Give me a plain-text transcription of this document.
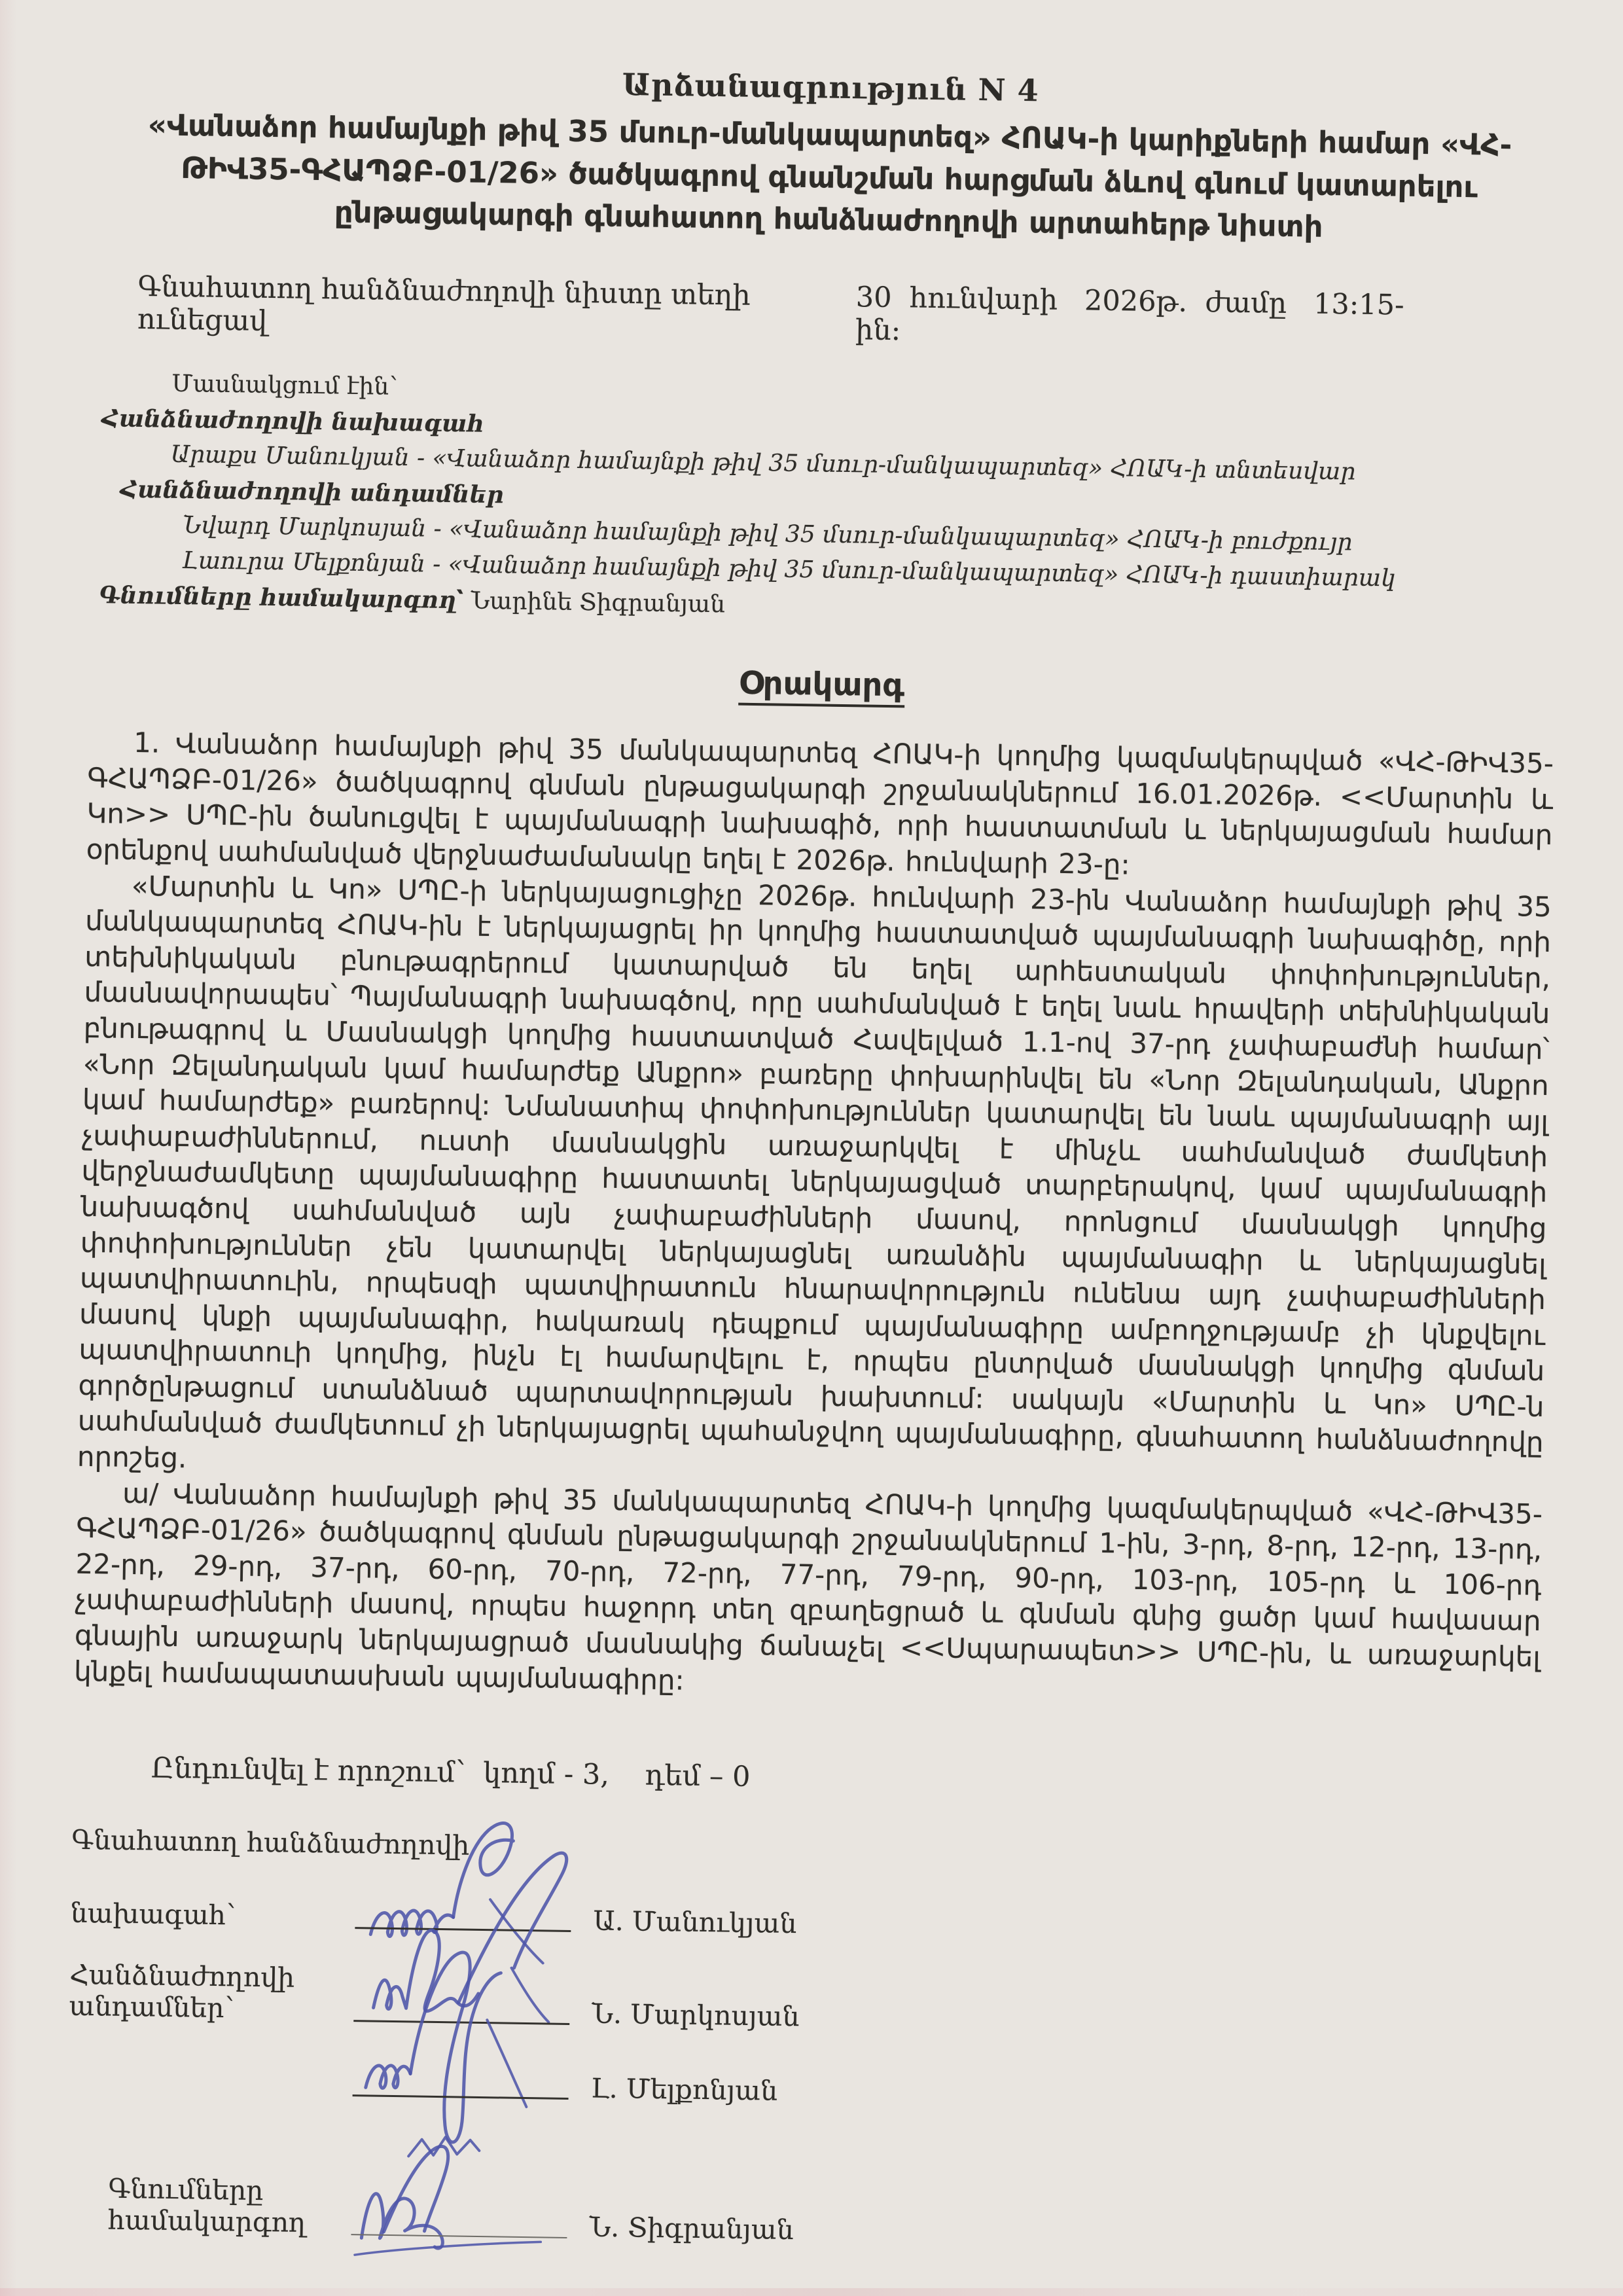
Արձանագրություն N 4
«Վանաձոր համայնքի թիվ 35 մսուր-մանկապարտեզ» ՀՈԱԿ-ի կարիքների համար «ՎՀ-
ԹԻՎ35-ԳՀԱՊՁԲ-01/26» ծածկագրով գնանշման հարցման ձևով գնում կատարելու
ընթացակարգի գնահատող հանձնաժողովի արտահերթ նիստի
Գնահատող հանձնաժողովի նիստը տեղի ունեցավ	30  հունվարի   2026թ.  ժամը   13:15-ին:
Մասնակցում էին՝
Հանձնաժողովի նախագահ
Արաքս Մանուկյան - «Վանաձոր համայնքի թիվ 35 մսուր-մանկապարտեզ» ՀՈԱԿ-ի տնտեսվար
Հանձնաժողովի անդամներ
Նվարդ Մարկոսյան - «Վանաձոր համայնքի թիվ 35 մսուր-մանկապարտեզ» ՀՈԱԿ-ի բուժքույր
Լաուրա Մելքոնյան - «Վանաձոր համայնքի թիվ 35 մսուր-մանկապարտեզ» ՀՈԱԿ-ի դաստիարակ
Գնումները համակարգող՝ Նարինե Տիգրանյան
Օրակարգ

1. Վանաձոր համայնքի թիվ 35 մանկապարտեզ ՀՈԱԿ-ի կողմից կազմակերպված «ՎՀ-ԹԻՎ35-ԳՀԱՊՁԲ-01/26» ծածկագրով գնման ընթացակարգի շրջանակներում 16.01.2026թ. <<Մարտին և Կո>> ՍՊԸ-ին ծանուցվել է պայմանագրի նախագիծ, որի հաստատման և ներկայացման համար օրենքով սահմանված վերջնաժամանակը եղել է 2026թ. հունվարի 23-ը:

«Մարտին և Կո» ՍՊԸ-ի ներկայացուցիչը 2026թ. հունվարի 23-ին Վանաձոր համայնքի թիվ 35 մանկապարտեզ ՀՈԱԿ-ին է ներկայացրել իր կողմից հաստատված պայմանագրի նախագիծը, որի տեխնիկական բնութագրերում կատարված են եղել արհեստական փոփոխություններ, մասնավորապես՝ Պայմանագրի նախագծով, որը սահմանված է եղել նաև հրավերի տեխնիկական բնութագրով և Մասնակցի կողմից հաստատված Հավելված 1.1-ով 37-րդ չափաբաժնի համար՝ «Նոր Զելանդական կամ համարժեք Անքրո» բառերը փոխարինվել են «Նոր Զելանդական, Անքրո կամ համարժեք» բառերով: Նմանատիպ փոփոխություններ կատարվել են նաև պայմանագրի այլ չափաբաժիններում, ուստի մասնակցին առաջարկվել է մինչև սահմանված ժամկետի վերջնաժամկետը պայմանագիրը հաստատել ներկայացված տարբերակով, կամ պայմանագրի նախագծով սահմանված այն չափաբաժինների մասով, որոնցում մասնակցի կողմից փոփոխություններ չեն կատարվել ներկայացնել առանձին պայմանագիր և ներկայացնել պատվիրատուին, որպեսզի պատվիրատուն հնարավորություն ունենա այդ չափաբաժինների մասով կնքի պայմանագիր, հակառակ դեպքում պայմանագիրը ամբողջությամբ չի կնքվելու պատվիրատուի կողմից, ինչն էլ համարվելու է, որպես ընտրված մասնակցի կողմից գնման գործընթացում ստանձնած պարտավորության խախտում: սակայն «Մարտին և Կո» ՍՊԸ-ն սահմանված ժամկետում չի ներկայացրել պահանջվող պայմանագիրը, գնահատող հանձնաժողովը որոշեց.

ա/ Վանաձոր համայնքի թիվ 35 մանկապարտեզ ՀՈԱԿ-ի կողմից կազմակերպված «ՎՀ-ԹԻՎ35-ԳՀԱՊՁԲ-01/26» ծածկագրով գնման ընթացակարգի շրջանակներում 1-ին, 3-րդ, 8-րդ, 12-րդ, 13-րդ, 22-րդ, 29-րդ, 37-րդ, 60-րդ, 70-րդ, 72-րդ, 77-րդ, 79-րդ, 90-րդ, 103-րդ, 105-րդ և 106-րդ չափաբաժինների մասով, որպես հաջորդ տեղ զբաղեցրած և գնման գնից ցածր կամ հավասար գնային առաջարկ ներկայացրած մասնակից ճանաչել <<Սպարապետ>> ՍՊԸ-ին, և առաջարկել կնքել համապատասխան պայմանագիրը:

Ընդունվել է որոշում՝  կողմ - 3,    դեմ – 0
Գնահատող հանձնաժողովի
նախագահ՝	Ա. Մանուկյան
Հանձնաժողովի անդամներ՝	Ն. Մարկոսյան
Լ. Մելքոնյան
Գնումները համակարգող	Ն. Տիգրանյան
